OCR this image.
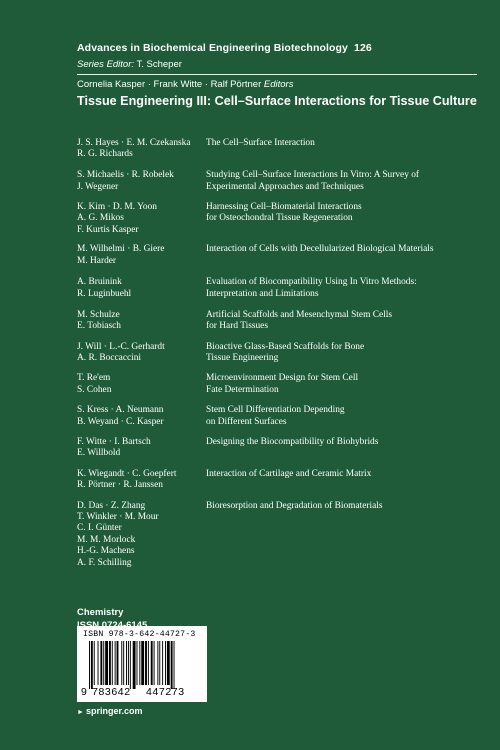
Advances in Biochemical Engineering Biotechnology 126
Series Editor: T. Scheper
Cornelia Kasper · Frank Witte · Ralf Pörtner Editors
Tissue Engineering III: Cell–Surface Interactions for Tissue Culture
J. S. Hayes · E. M. Czekanska
R. G. Richards
The Cell–Surface Interaction
S. Michaelis · R. Robelek
J. Wegener
Studying Cell–Surface Interactions In Vitro: A Survey of
Experimental Approaches and Techniques
K. Kim · D. M. Yoon
A. G. Mikos
F. Kurtis Kasper
Harnessing Cell–Biomaterial Interactions
for Osteochondral Tissue Regeneration
M. Wilhelmi · B. Giere
M. Harder
Interaction of Cells with Decellularized Biological Materials
A. Bruinink
R. Luginbuehl
Evaluation of Biocompatibility Using In Vitro Methods:
Interpretation and Limitations
M. Schulze
E. Tobiasch
Artificial Scaffolds and Mesenchymal Stem Cells
for Hard Tissues
J. Will · L.-C. Gerhardt
A. R. Boccaccini
Bioactive Glass-Based Scaffolds for Bone
Tissue Engineering
T. Re'em
S. Cohen
Microenvironment Design for Stem Cell
Fate Determination
S. Kress · A. Neumann
B. Weyand · C. Kasper
Stem Cell Differentiation Depending
on Different Surfaces
F. Witte · I. Bartsch
E. Willbold
Designing the Biocompatibility of Biohybrids
K. Wiegandt · C. Goepfert
R. Pörtner · R. Janssen
Interaction of Cartilage and Ceramic Matrix
D. Das · Z. Zhang
T. Winkler · M. Mour
C. I. Günter
M. M. Morlock
H.-G. Machens
A. F. Schilling
Bioresorption and Degradation of Biomaterials
Chemistry
ISBN 978-3-642-44727-3
9 783642	447273
► springer.com
